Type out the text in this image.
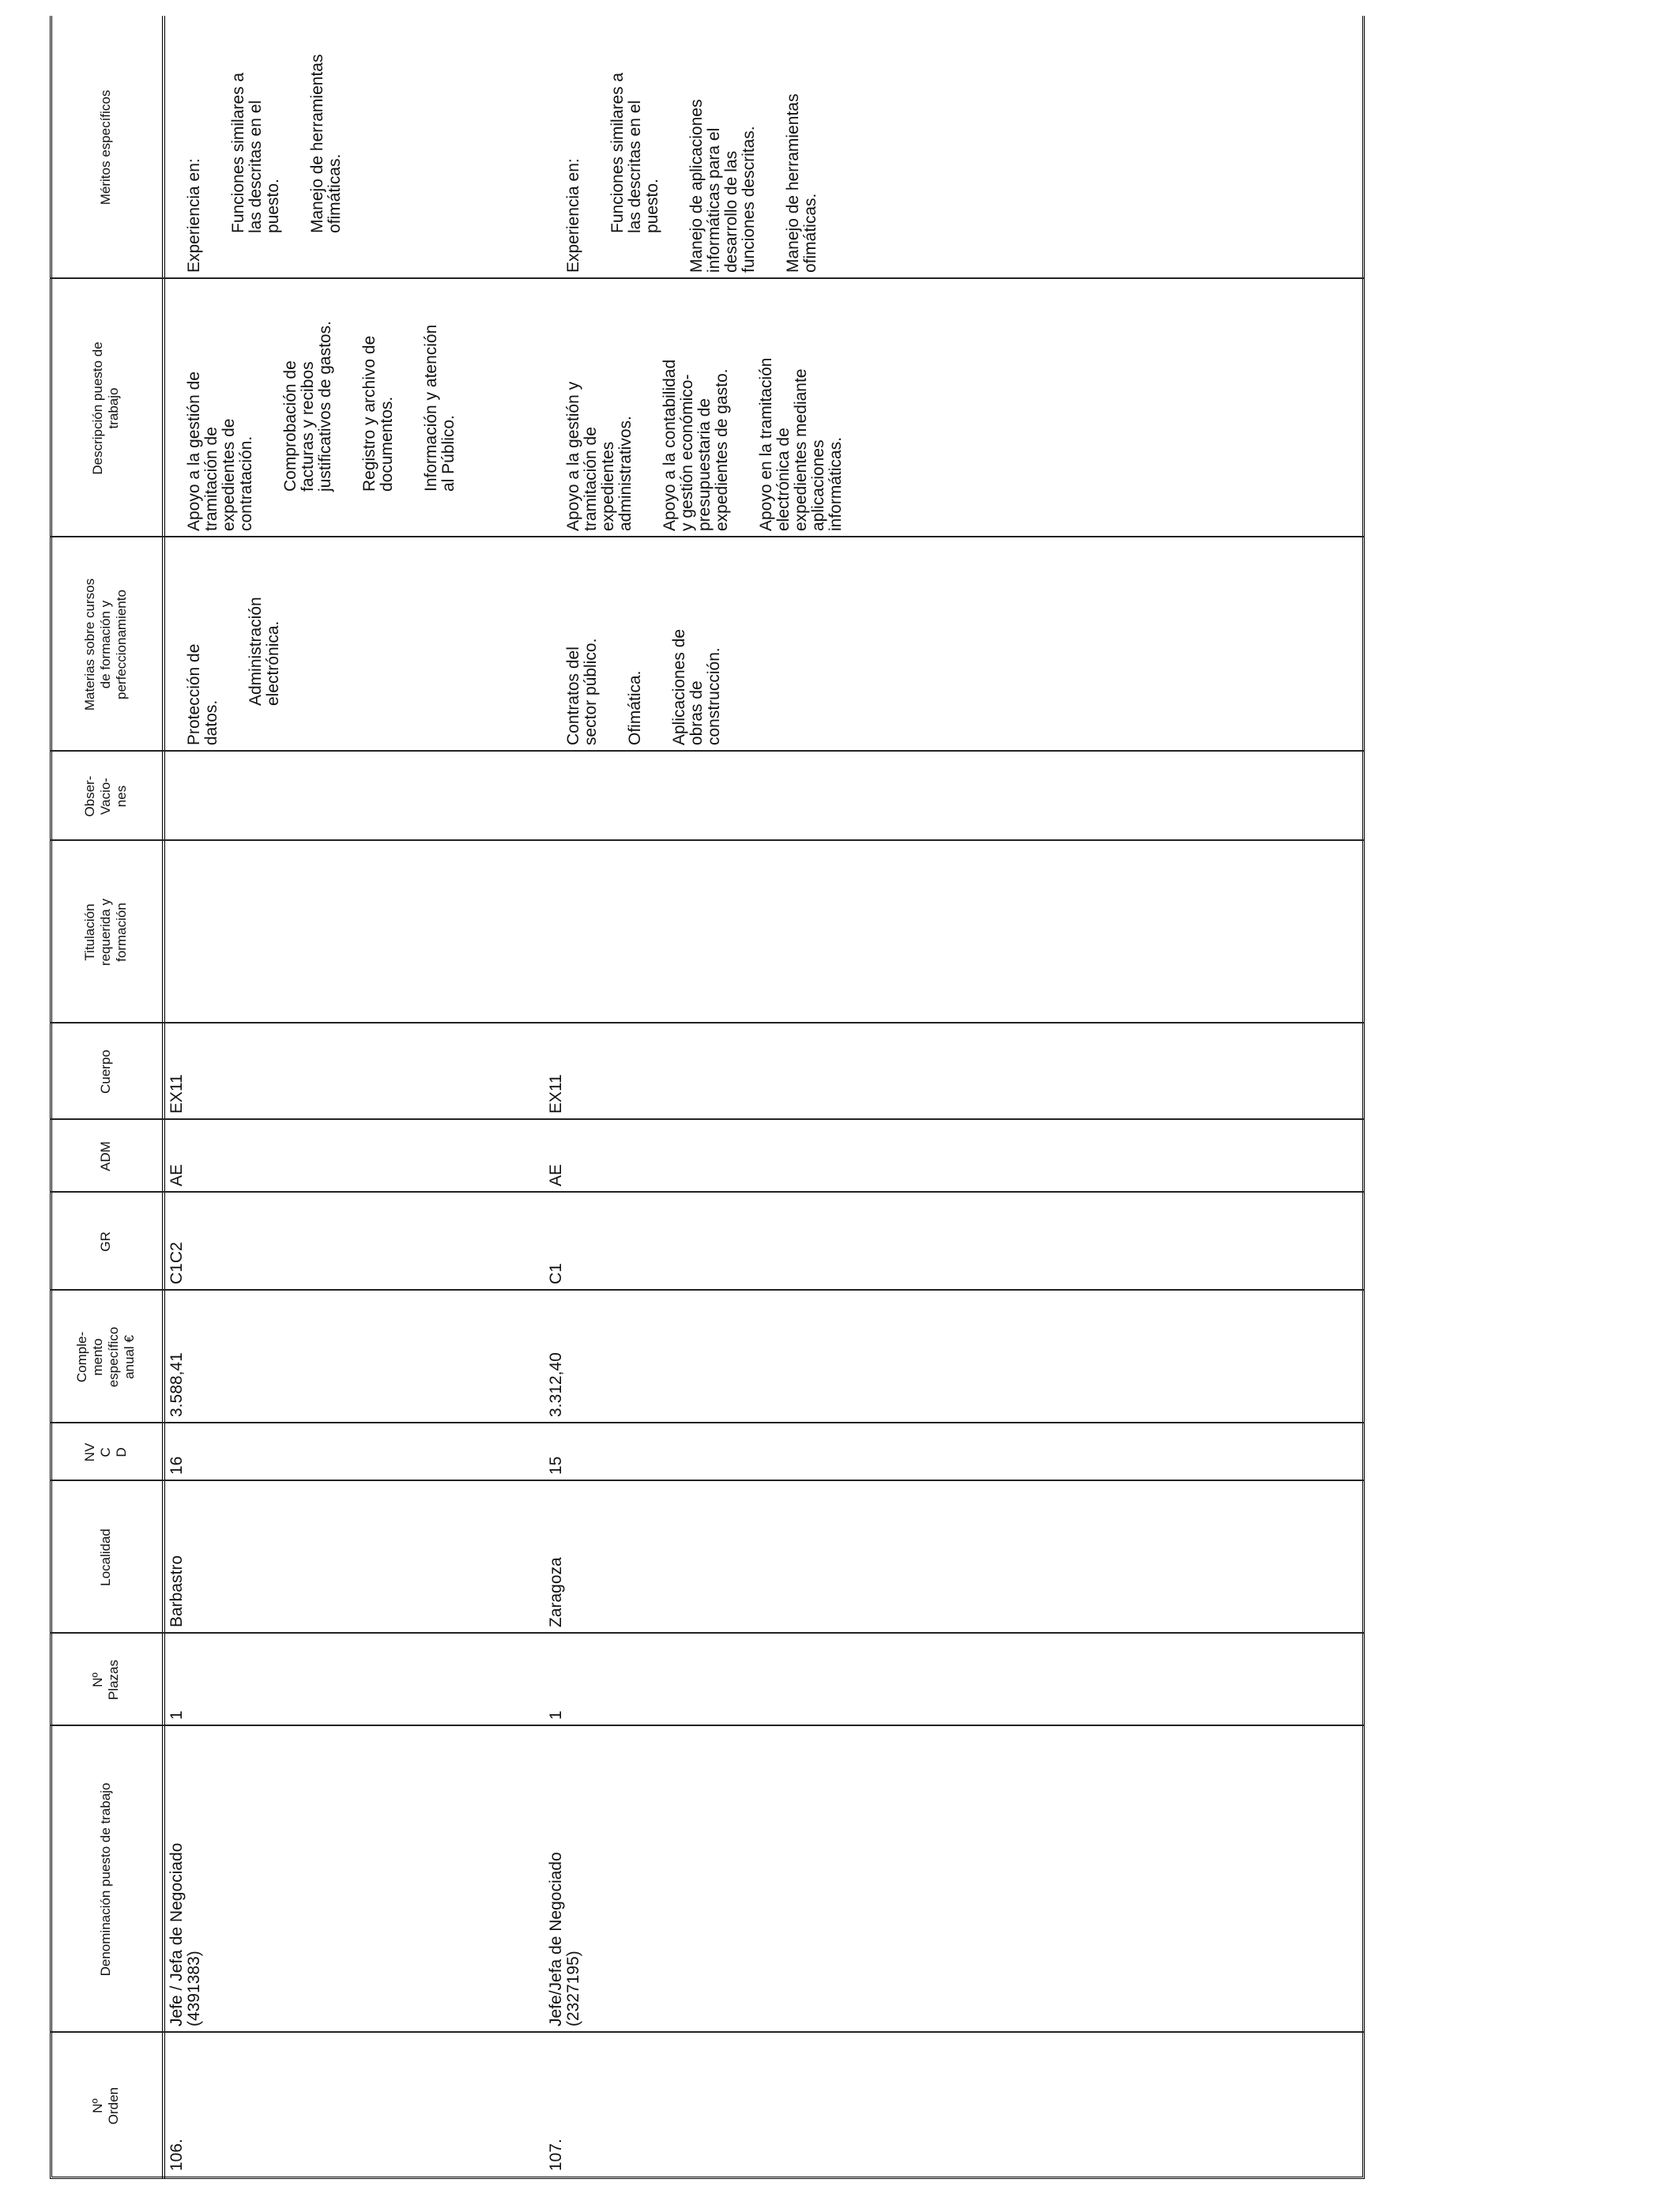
Nº
Orden
Denominación puesto de trabajo
Nº
Plazas
Localidad
NV
C
D
Comple-
mento
específico
anual €
GR
ADM
Cuerpo
Titulación
requerida y
formación
Obser-
Vacio-
nes
Materias sobre cursos
de formación y
perfeccionamiento
Descripción puesto de
trabajo
Méritos específicos
106.
Jefe / Jefa de Negociado
(4391383)
1
Barbastro
16
3.588,41
C1C2
AE
EX11

Protección de
datos.

Administración
electrónica.

Apoyo a la gestión de
tramitación de
expedientes de
contratación. Comprobación de
facturas y recibos
justificativos de gastos.

Registro y archivo de
documentos. Información y atención
al Público.

Experiencia en: Funciones similares a
las descritas en el
puesto. Manejo de herramientas
ofimáticas.

107.
Jefe/Jefa de Negociado
(2327195)
1
Zaragoza
15
3.312,40
C1
AE
EX11

Contratos del
sector público.

Ofimática. Aplicaciones de
obras de
construcción.

Apoyo a la gestión y
tramitación de
expedientes
administrativos. Apoyo a la contabilidad
y gestión económico-
presupuestaria de
expedientes de gasto.

Apoyo en la tramitación
electrónica de
expedientes mediante
aplicaciones
informáticas.

Experiencia en: Funciones similares a
las descritas en el
puesto.

Manejo de aplicaciones
informáticas para el
desarrollo de las
funciones descritas.

Manejo de herramientas
ofimáticas.
